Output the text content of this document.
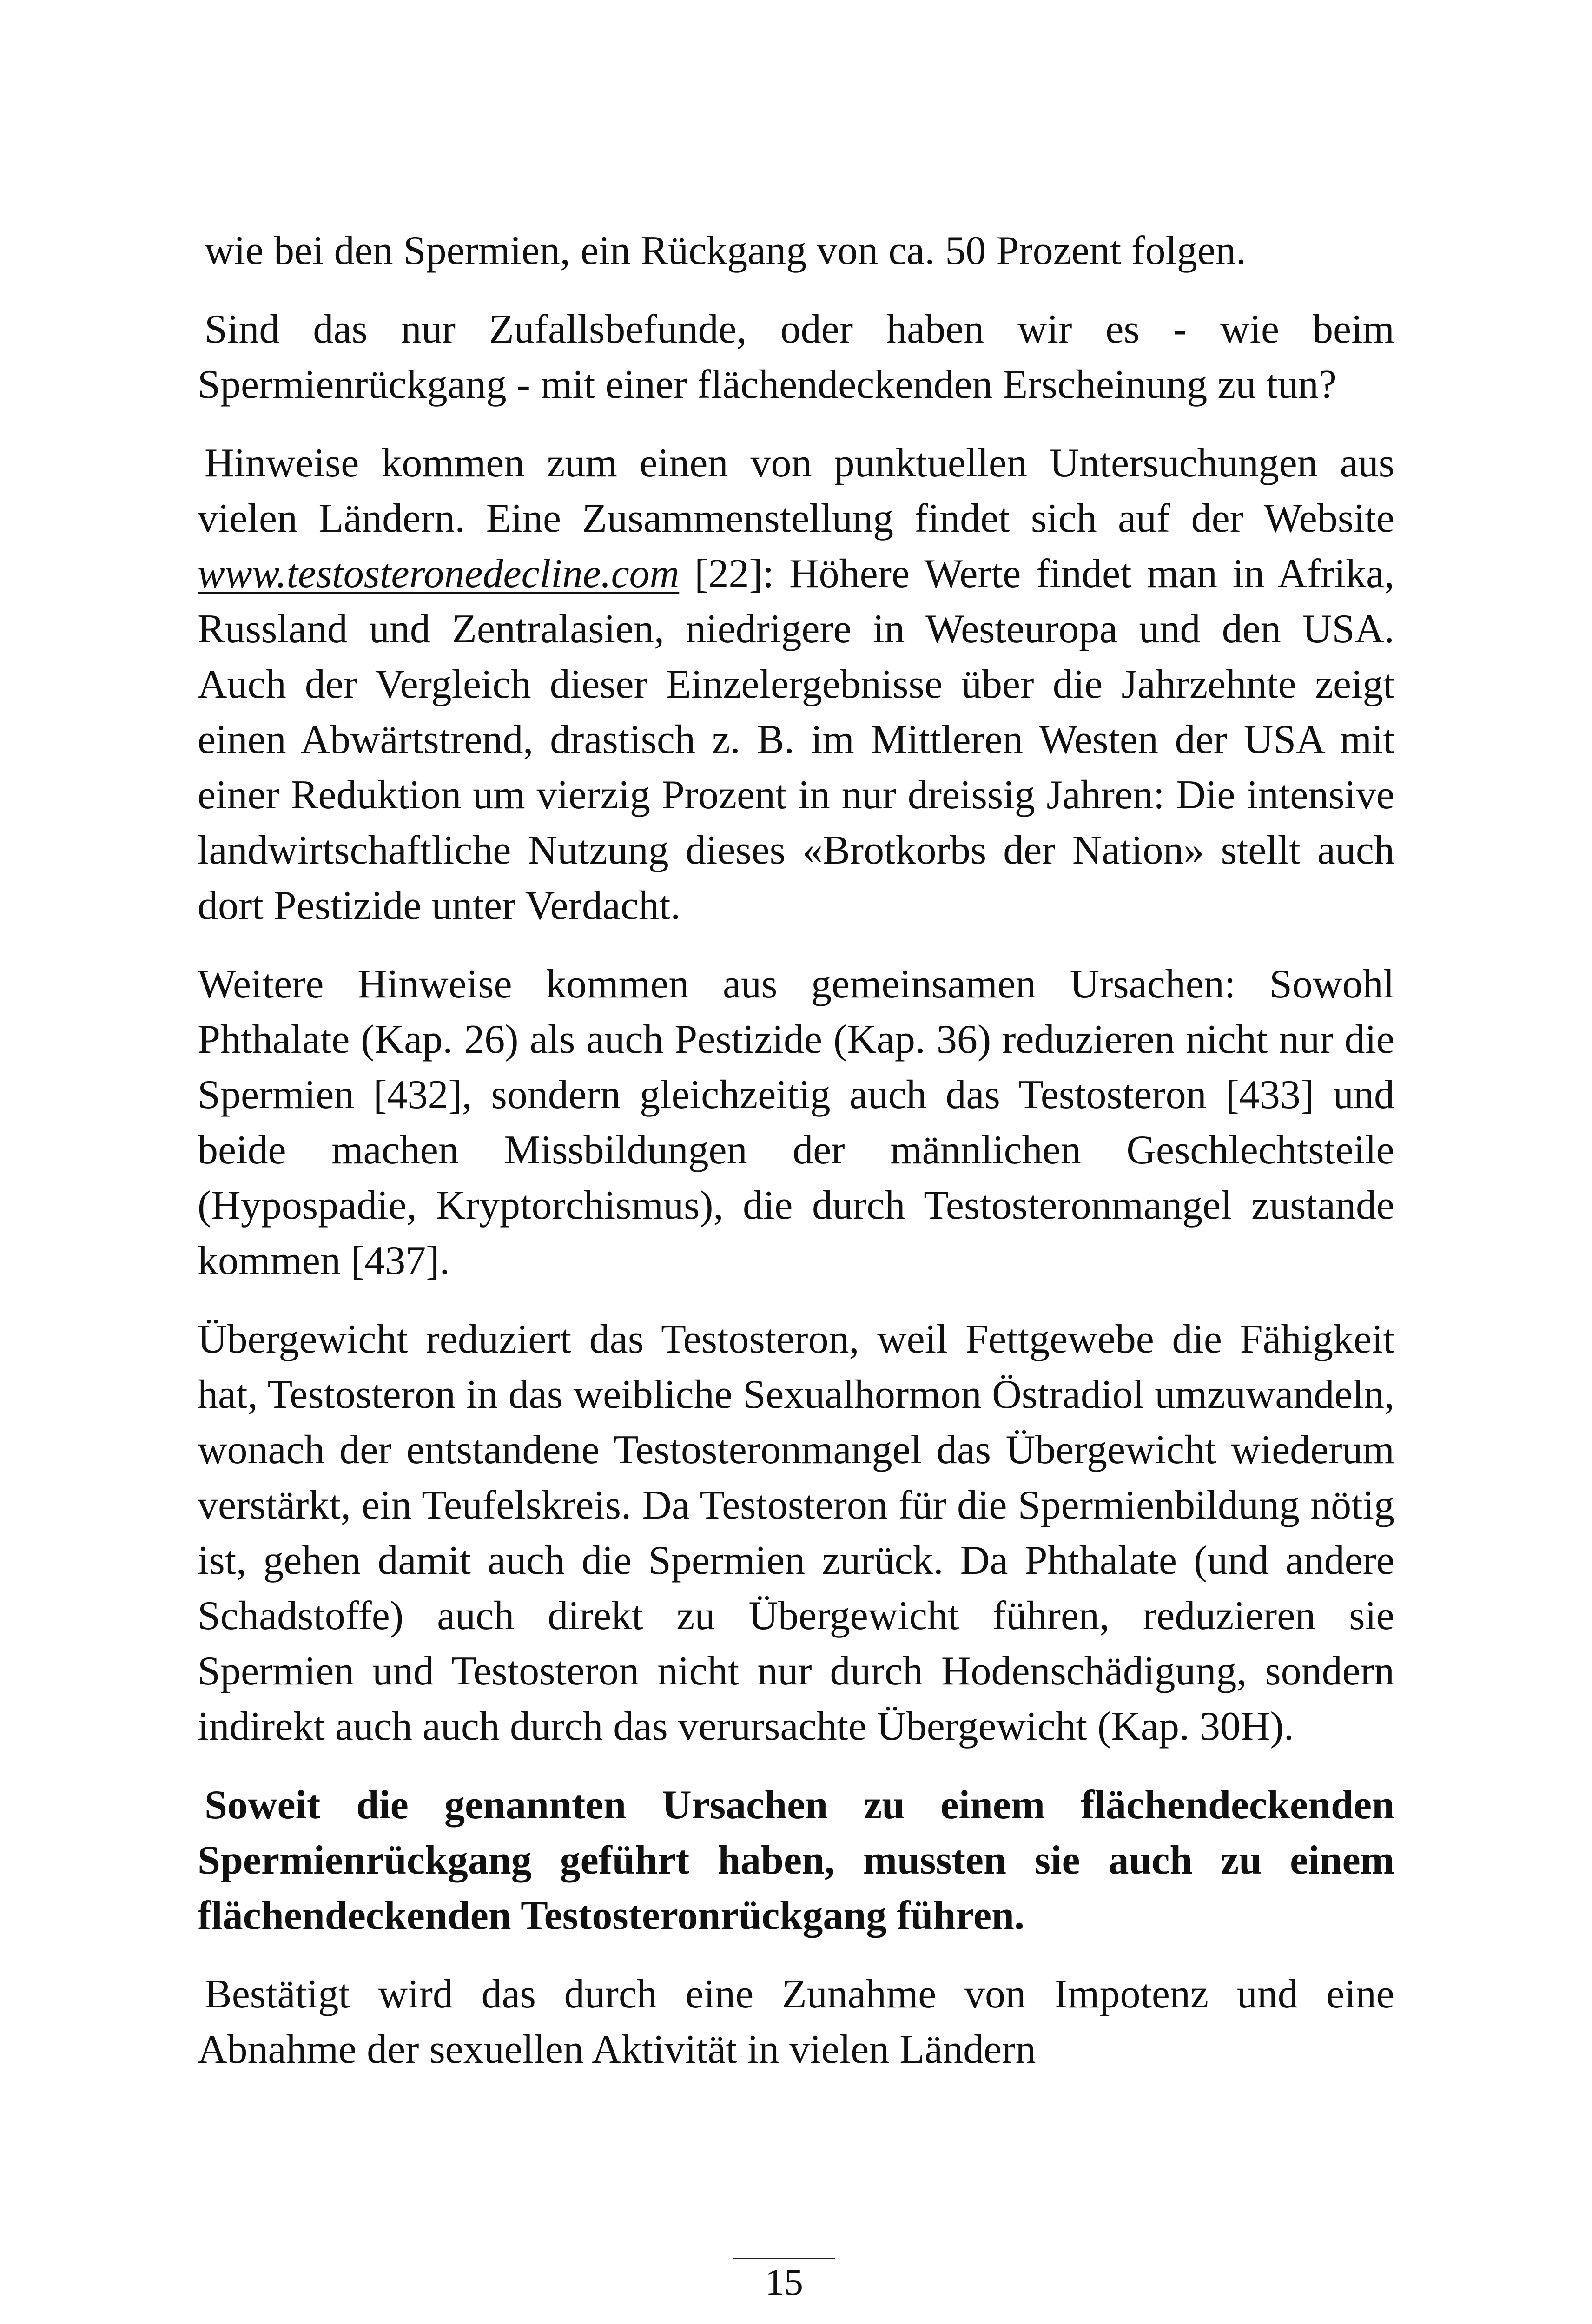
wie bei den Spermien, ein Rückgang von ca. 50 Prozent folgen.

Sind das nur Zufallsbefunde, oder haben wir es - wie beim Spermienrückgang - mit einer flächendeckenden Erscheinung zu tun?

Hinweise kommen zum einen von punktuellen Untersuchungen aus vielen Ländern. Eine Zusammenstellung findet sich auf der Website www.testosteronedecline.com [22]: Höhere Werte findet man in Afrika, Russland und Zentralasien, niedrigere in Westeuropa und den USA. Auch der Vergleich dieser Einzelergebnisse über die Jahrzehnte zeigt einen Abwärtstrend, drastisch z. B. im Mittleren Westen der USA mit einer Reduktion um vierzig Prozent in nur dreissig Jahren: Die intensive landwirtschaftliche Nutzung dieses «Brotkorbs der Nation» stellt auch dort Pestizide unter Verdacht.

Weitere Hinweise kommen aus gemeinsamen Ursachen: Sowohl Phthalate (Kap. 26) als auch Pestizide (Kap. 36) reduzieren nicht nur die Spermien [432], sondern gleichzeitig auch das Testosteron [433] und beide machen Missbildungen der männlichen Geschlechtsteile (Hypospadie, Kryptorchismus), die durch Testosteronmangel zustande kommen [437].

Übergewicht reduziert das Testosteron, weil Fettgewebe die Fähigkeit hat, Testosteron in das weibliche Sexualhormon Östradiol umzuwandeln, wonach der entstandene Testosteronmangel das Übergewicht wiederum verstärkt, ein Teufelskreis. Da Testosteron für die Spermienbildung nötig ist, gehen damit auch die Spermien zurück. Da Phthalate (und andere Schadstoffe) auch direkt zu Übergewicht führen, reduzieren sie Spermien und Testosteron nicht nur durch Hodenschädigung, sondern indirekt auch auch durch das verursachte Übergewicht (Kap. 30H).

Soweit die genannten Ursachen zu einem flächendeckenden Spermienrückgang geführt haben, mussten sie auch zu einem flächendeckenden Testosteronrückgang führen.

Bestätigt wird das durch eine Zunahme von Impotenz und eine Abnahme der sexuellen Aktivität in vielen Ländern

15
